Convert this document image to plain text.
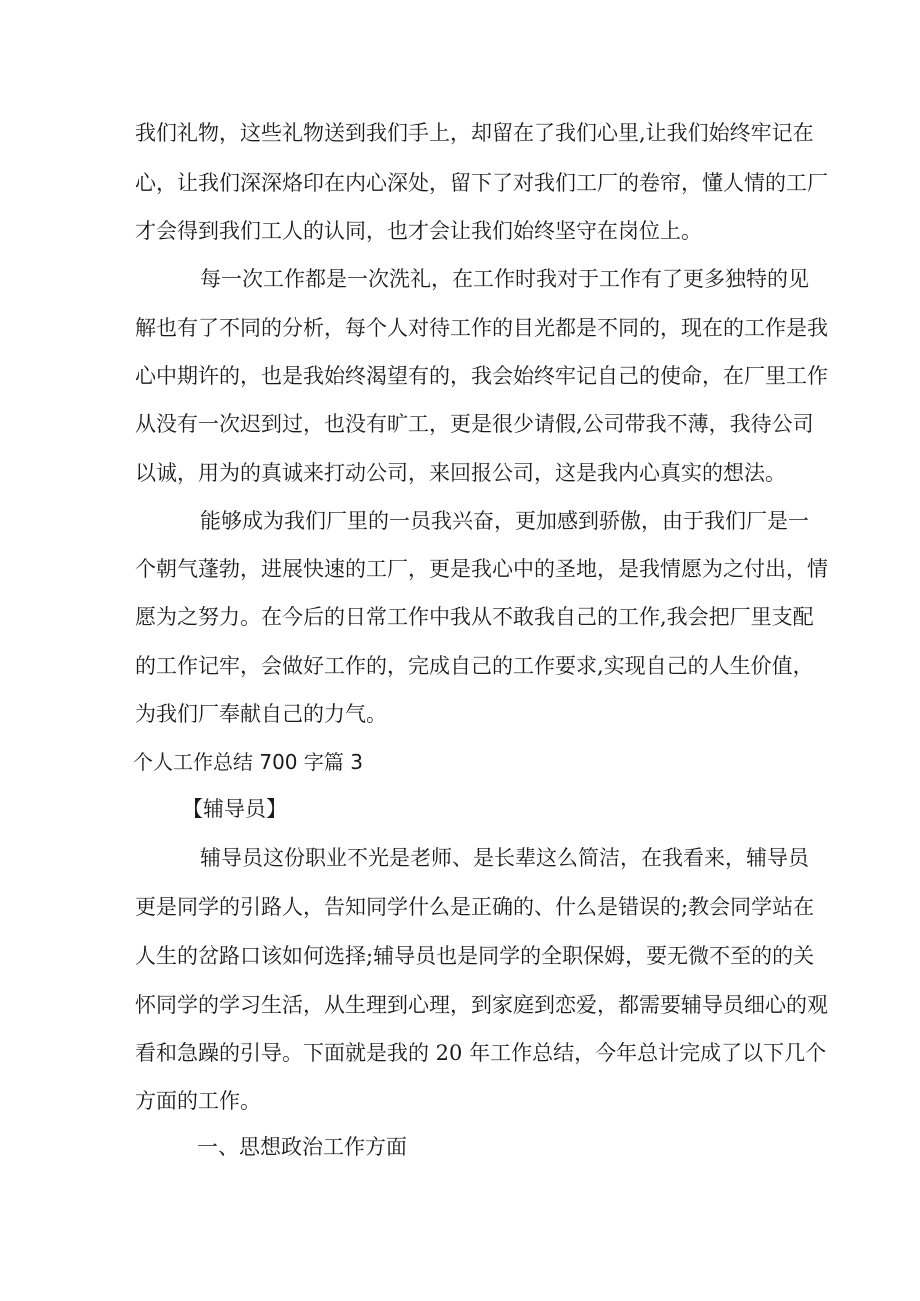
我们礼物，这些礼物送到我们手上，却留在了我们心里,让我们始终牢记在
心，让我们深深烙印在内心深处，留下了对我们工厂的卷帘，懂人情的工厂
才会得到我们工人的认同，也才会让我们始终坚守在岗位上。
每一次工作都是一次洗礼，在工作时我对于工作有了更多独特的见
解也有了不同的分析，每个人对待工作的目光都是不同的，现在的工作是我
心中期许的，也是我始终渴望有的，我会始终牢记自己的使命，在厂里工作
从没有一次迟到过，也没有旷工，更是很少请假,公司带我不薄，我待公司
以诚，用为的真诚来打动公司，来回报公司，这是我内心真实的想法。
能够成为我们厂里的一员我兴奋，更加感到骄傲，由于我们厂是一
个朝气蓬勃，进展快速的工厂，更是我心中的圣地，是我情愿为之付出，情
愿为之努力。在今后的日常工作中我从不敢我自己的工作,我会把厂里支配
的工作记牢，会做好工作的，完成自己的工作要求,实现自己的人生价值，
为我们厂奉献自己的力气。
个人工作总结 700 字篇 3
【辅导员】
辅导员这份职业不光是老师、是长辈这么简洁，在我看来，辅导员
更是同学的引路人，告知同学什么是正确的、什么是错误的;教会同学站在
人生的岔路口该如何选择;辅导员也是同学的全职保姆，要无微不至的的关
怀同学的学习生活，从生理到心理，到家庭到恋爱，都需要辅导员细心的观
看和急躁的引导。下面就是我的 20 年工作总结，今年总计完成了以下几个
方面的工作。
一、思想政治工作方面
